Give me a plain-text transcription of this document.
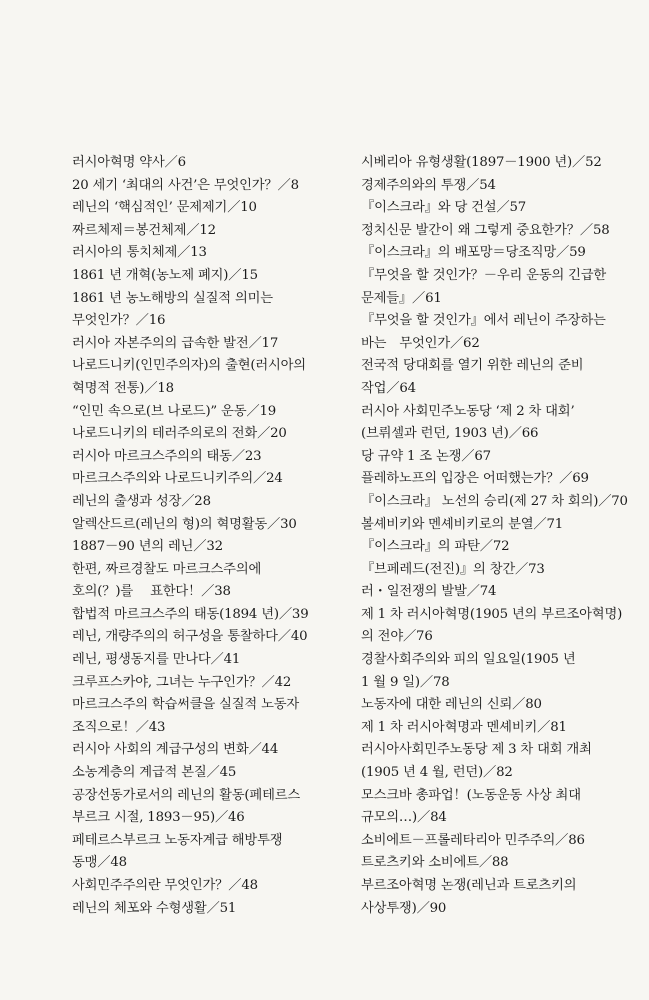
러시아혁명 약사／6
20 세기 ‘최대의 사건’은 무엇인가？／8
레닌의 ‘핵심적인’ 문제제기／10
짜르체제＝봉건체제／12
러시아의 통치체제／13
1861 년 개혁(농노제 폐지)／15
1861 년 농노해방의 실질적 의미는
무엇인가？／16
러시아 자본주의의 급속한 발전／17
나로드니키(인민주의자)의 출현(러시아의
혁명적 전통)／18
“인민 속으로(브 나로드)” 운동／19
나로드니키의 테러주의로의 전화／20
러시아 마르크스주의의 태동／23
마르크스주의와 나로드니키주의／24
레닌의 출생과 성장／28
알렉산드르(레닌의 형)의 혁명활동／30
1887－90 년의 레닌／32
한편, 짜르경찰도 마르크스주의에
호의(？)를　 표한다！／38
합법적 마르크스주의 태동(1894 년)／39
레닌, 개량주의의 허구성을 통찰하다／40
레닌, 평생동지를 만나다／41
크루프스카야, 그녀는 누구인가？／42
마르크스주의 학습써클을 실질적 노동자
조직으로！／43
러시아 사회의 계급구성의 변화／44
소농계층의 계급적 본질／45
공장선동가로서의 레닌의 활동(페테르스
부르크 시절, 1893－95)／46
페테르스부르크 노동자계급 해방투쟁
동맹／48
사회민주주의란 무엇인가？／48
레닌의 체포와 수형생활／51
시베리아 유형생활(1897－1900 년)／52
경제주의와의 투쟁／54
『이스크라』와 당 건설／57
정치신문 발간이 왜 그렇게 중요한가？／58
『이스크라』의 배포망＝당조직망／59
『무엇을 할 것인가？－우리 운동의 긴급한
문제들』／61
『무엇을 할 것인가』에서 레닌이 주장하는
바는　무엇인가／62
전국적 당대회를 열기 위한 레닌의 준비
작업／64
러시아 사회민주노동당 ‘제 2 차 대회’
(브뤼셀과 런던, 1903 년)／66
당 규약 1 조 논쟁／67
플레하노프의 입장은 어떠했는가？／69
『이스크라』 노선의 승리(제 27 차 회의)／70
볼셰비키와 멘셰비키로의 분열／71
『이스크라』의 파탄／72
『브페레드(전진)』의 창간／73
러・일전쟁의 발발／74
제 1 차 러시아혁명(1905 년의 부르조아혁명)
의 전야／76
경찰사회주의와 피의 일요일(1905 년
1 월 9 일)／78
노동자에 대한 레닌의 신뢰／80
제 1 차 러시아혁명과 멘셰비키／81
러시아사회민주노동당 제 3 차 대회 개최
(1905 년 4 월, 런던)／82
모스크바 총파업！(노동운동 사상 최대
규모의…)／84
소비에트－프롤레타리아 민주주의／86
트로츠키와 소비에트／88
부르조아혁명 논쟁(레닌과 트로츠키의
사상투쟁)／90
